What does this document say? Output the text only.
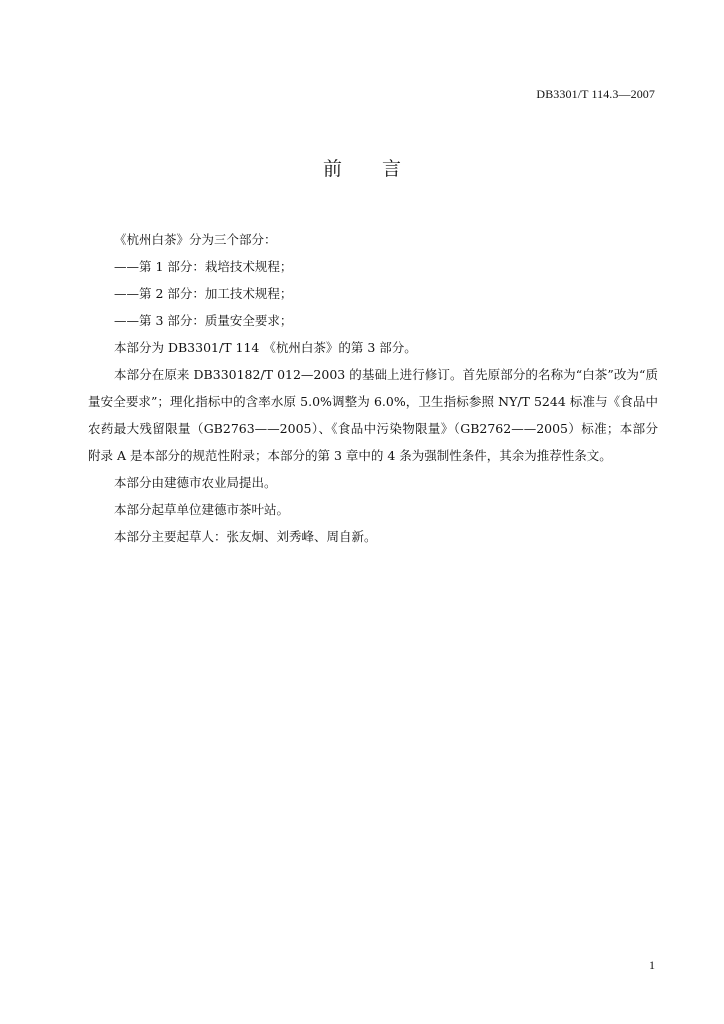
DB3301/T 114.3—2007
前言

《杭州白茶》分为三个部分：

——第 1 部分：栽培技术规程；

——第 2 部分：加工技术规程；

——第 3 部分：质量安全要求；

本部分为 DB3301/T 114 《杭州白茶》的第 3 部分。

本部分在原来 DB330182/T 012—2003 的基础上进行修订。首先原部分的名称为“白茶”改为“质量安全要求”；理化指标中的含率水原 5.0%调整为 6.0%，卫生指标参照 NY/T 5244 标准与《食品中农药最大残留限量（GB2763——2005）、《食品中污染物限量》（GB2762——2005）标准；本部分附录 A 是本部分的规范性附录；本部分的第 3 章中的 4 条为强制性条件，其余为推荐性条文。

本部分由建德市农业局提出。

本部分起草单位建德市茶叶站。

本部分主要起草人：张友炯、刘秀峰、周自新。

1
